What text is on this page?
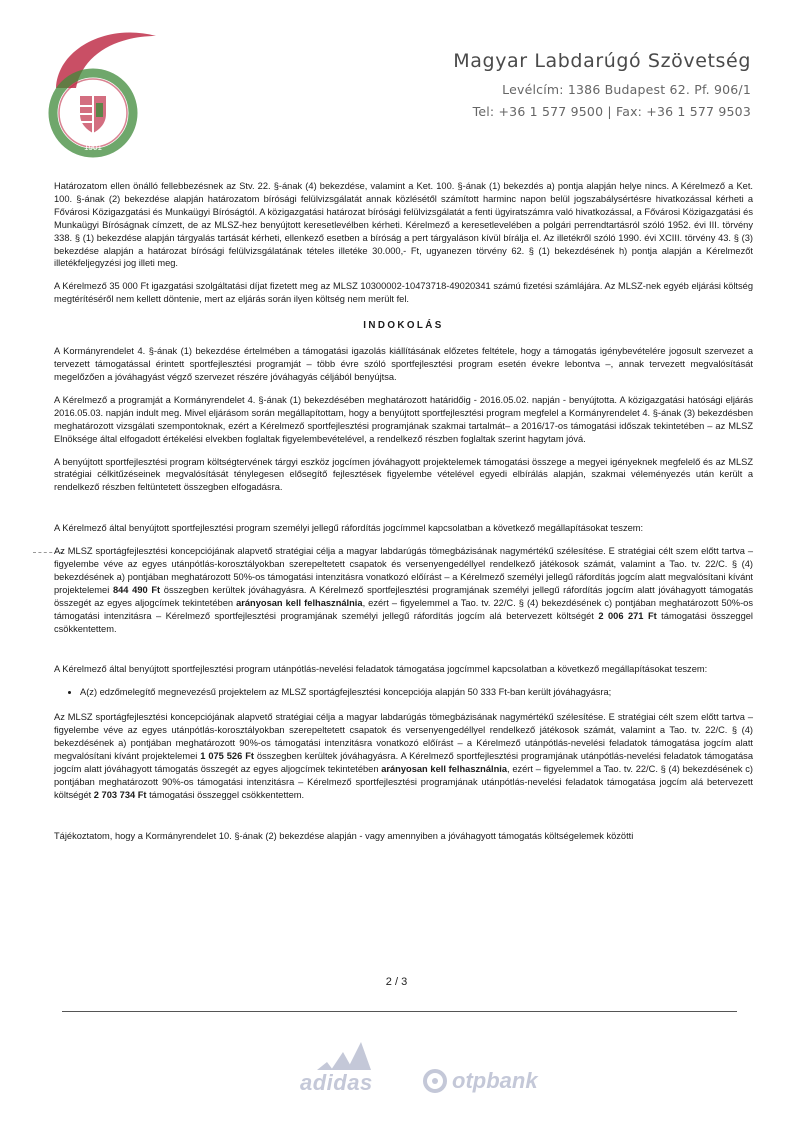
1901
Magyar Labdarúgó Szövetség
Levélcím: 1386 Budapest 62. Pf. 906/1
Tel: +36 1 577 9500 | Fax: +36 1 577 9503

Határozatom ellen önálló fellebbezésnek az Stv. 22. §-ának (4) bekezdése, valamint a Ket. 100. §-ának (1) bekezdés a) pontja alapján helye nincs. A Kérelmező a Ket. 100. §-ának (2) bekezdése alapján határozatom bírósági felülvizsgálatát annak közlésétől számított harminc napon belül jogszabálysértésre hivatkozással kérheti a Fővárosi Közigazgatási és Munkaügyi Bíróságtól. A közigazgatási határozat bírósági felülvizsgálatát a fenti ügyiratszámra való hivatkozással, a Fővárosi Közigazgatási és Munkaügyi Bíróságnak címzett, de az MLSZ-hez benyújtott keresetlevélben kérheti. Kérelmező a keresetlevelében a polgári perrendtartásról szóló 1952. évi III. törvény 338. § (1) bekezdése alapján tárgyalás tartását kérheti, ellenkező esetben a bíróság a pert tárgyaláson kívül bírálja el. Az illetékről szóló 1990. évi XCIII. törvény 43. § (3) bekezdése alapján a határozat bírósági felülvizsgálatának tételes illetéke 30.000,- Ft, ugyanezen törvény 62. § (1) bekezdésének h) pontja alapján a Kérelmezőt illetékfeljegyzési jog illeti meg.

A Kérelmező 35 000 Ft igazgatási szolgáltatási díjat fizetett meg az MLSZ 10300002-10473718-49020341 számú fizetési számlájára. Az MLSZ-nek egyéb eljárási költség megtérítéséről nem kellett döntenie, mert az eljárás során ilyen költség nem merült fel.

INDOKOLÁS

A Kormányrendelet 4. §-ának (1) bekezdése értelmében a támogatási igazolás kiállításának előzetes feltétele, hogy a támogatás igénybevételére jogosult szervezet a tervezett támogatással érintett sportfejlesztési programját – több évre szóló sportfejlesztési program esetén évekre lebontva –, annak tervezett megvalósítását megelőzően a jóváhagyást végző szervezet részére jóváhagyás céljából benyújtsa.

A Kérelmező a programját a Kormányrendelet 4. §-ának (1) bekezdésében meghatározott határidőig - 2016.05.02. napján - benyújtotta. A közigazgatási hatósági eljárás 2016.05.03. napján indult meg. Mivel eljárásom során megállapítottam, hogy a benyújtott sportfejlesztési program megfelel a Kormányrendelet 4. §-ának (3) bekezdésben meghatározott vizsgálati szempontoknak, ezért a Kérelmező sportfejlesztési programjának szakmai tartalmát– a 2016/17-os támogatási időszak tekintetében – az MLSZ Elnöksége által elfogadott értékelési elvekben foglaltak figyelembevételével, a rendelkező részben foglaltak szerint hagytam jóvá.

A benyújtott sportfejlesztési program költségtervének tárgyi eszköz jogcímen jóváhagyott projektelemek támogatási összege a megyei igényeknek megfelelő és az MLSZ stratégiai célkitűzéseinek megvalósítását ténylegesen elősegítő fejlesztések figyelembe vételével egyedi elbírálás alapján, szakmai véleményezés után került a rendelkező részben feltüntetett összegben elfogadásra.

A Kérelmező által benyújtott sportfejlesztési program személyi jellegű ráfordítás jogcímmel kapcsolatban a következő megállapításokat teszem:

Az MLSZ sportágfejlesztési koncepciójának alapvető stratégiai célja a magyar labdarúgás tömegbázisának nagymértékű szélesítése. E stratégiai célt szem előtt tartva – figyelembe véve az egyes utánpótlás-korosztályokban szerepeltetett csapatok és versenyengedéllyel rendelkező játékosok számát, valamint a Tao. tv. 22/C. § (4) bekezdésének a) pontjában meghatározott 50%-os támogatási intenzitásra vonatkozó előírást – a Kérelmező személyi jellegű ráfordítás jogcím alatt megvalósítani kívánt projektelemei 844 490 Ft összegben kerültek jóváhagyásra. A Kérelmező sportfejlesztési programjának személyi jellegű ráfordítás jogcím alatt jóváhagyott támogatás összegét az egyes aljogcímek tekintetében arányosan kell felhasználnia, ezért – figyelemmel a Tao. tv. 22/C. § (4) bekezdésének c) pontjában meghatározott 50%-os támogatási intenzitásra – Kérelmező sportfejlesztési programjának személyi jellegű ráfordítás jogcím alá betervezett költségét 2 006 271 Ft támogatási összeggel csökkentettem.

A Kérelmező által benyújtott sportfejlesztési program utánpótlás-nevelési feladatok támogatása jogcímmel kapcsolatban a következő megállapításokat teszem:

• A(z) edzőmelegítő megnevezésű projektelem az MLSZ sportágfejlesztési koncepciója alapján 50 333 Ft-ban került jóváhagyásra;

Az MLSZ sportágfejlesztési koncepciójának alapvető stratégiai célja a magyar labdarúgás tömegbázisának nagymértékű szélesítése. E stratégiai célt szem előtt tartva – figyelembe véve az egyes utánpótlás-korosztályokban szerepeltetett csapatok és versenyengedéllyel rendelkező játékosok számát, valamint a Tao. tv. 22/C. § (4) bekezdésének a) pontjában meghatározott 90%-os támogatási intenzitásra vonatkozó előírást – a Kérelmező utánpótlás-nevelési feladatok támogatása jogcím alatt megvalósítani kívánt projektelemei 1 075 526 Ft összegben kerültek jóváhagyásra. A Kérelmező sportfejlesztési programjának utánpótlás-nevelési feladatok támogatása jogcím alatt jóváhagyott támogatás összegét az egyes aljogcímek tekintetében arányosan kell felhasználnia, ezért – figyelemmel a Tao. tv. 22/C. § (4) bekezdésének c) pontjában meghatározott 90%-os támogatási intenzitásra – Kérelmező sportfejlesztési programjának utánpótlás-nevelési feladatok támogatása jogcím alá betervezett költségét 2 703 734 Ft támogatási összeggel csökkentettem.

Tájékoztatom, hogy a Kormányrendelet 10. §-ának (2) bekezdése alapján - vagy amennyiben a jóváhagyott támogatás költségelemek közötti

2 / 3
adidas	otpbank
